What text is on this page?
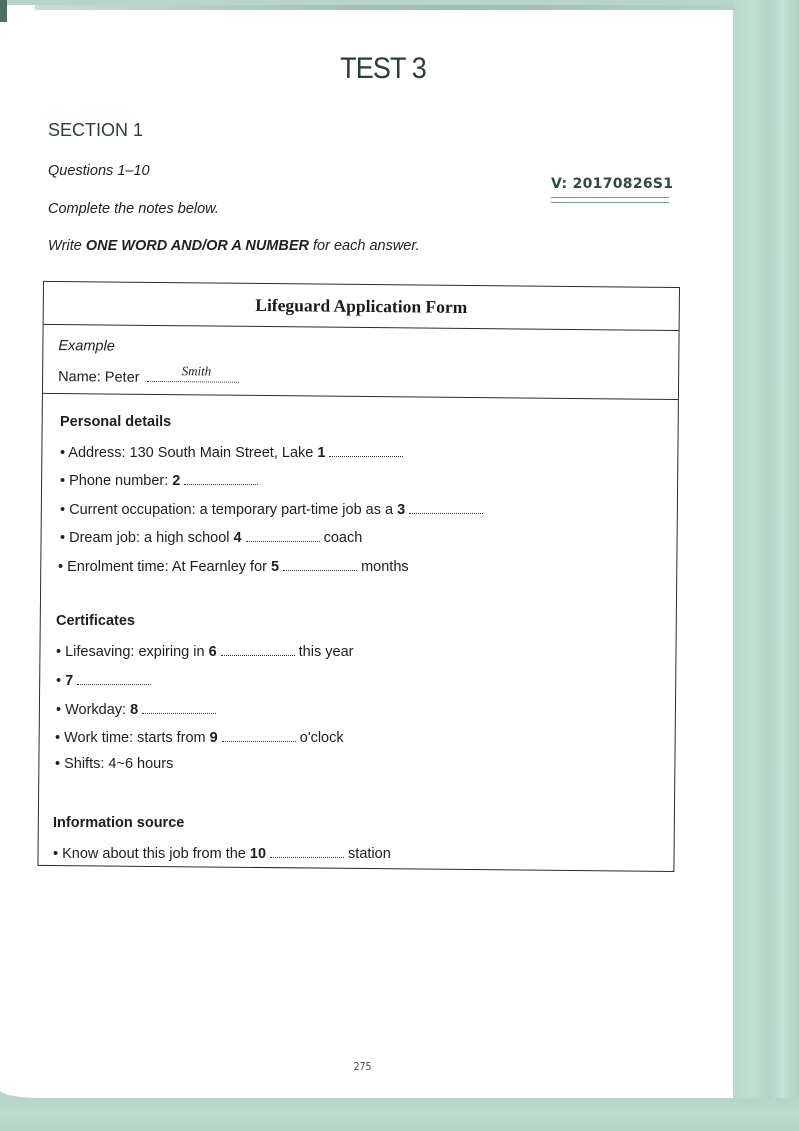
TEST 3
SECTION 1
Questions 1–10
Complete the notes below.
Write ONE WORD AND/OR A NUMBER for each answer.
V: 20170826S1
Lifeguard Application Form
Example
Name: Peter	Smith
Personal details
• Address: 130 South Main Street, Lake 1
• Phone number: 2
• Current occupation: a temporary part-time job as a 3
• Dream job: a high school 4	coach
• Enrolment time: At Fearnley for 5	months
Certificates
• Lifesaving: expiring in 6	this year
• 7
• Workday: 8
• Work time: starts from 9	o'clock
• Shifts: 4~6 hours
Information source
• Know about this job from the 10	station
275
